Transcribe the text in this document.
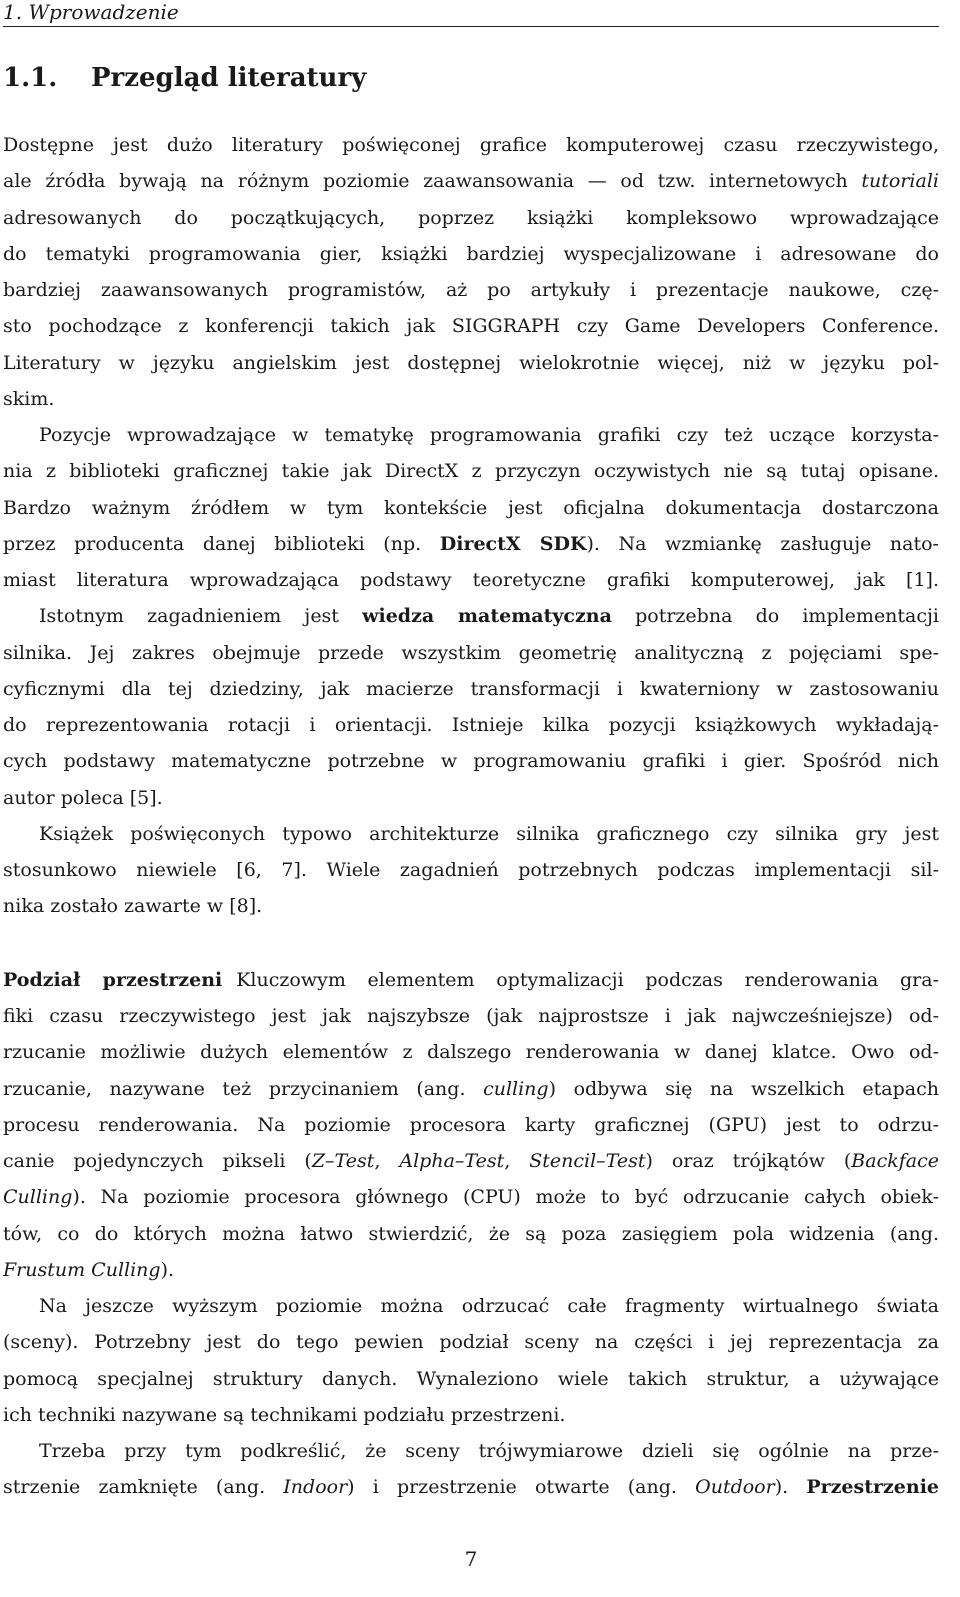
1. Wprowadzenie
1.1. Przegląd literatury
Dostępne jest dużo literatury poświęconej grafice komputerowej czasu rzeczywistego,
ale źródła bywają na różnym poziomie zaawansowania — od tzw. internetowych tutoriali
adresowanych do początkujących, poprzez książki kompleksowo wprowadzające
do tematyki programowania gier, książki bardziej wyspecjalizowane i adresowane do
bardziej zaawansowanych programistów, aż po artykuły i prezentacje naukowe, czę-
sto pochodzące z konferencji takich jak SIGGRAPH czy Game Developers Conference.
Literatury w języku angielskim jest dostępnej wielokrotnie więcej, niż w języku pol-
skim.
Pozycje wprowadzające w tematykę programowania grafiki czy też uczące korzysta-
nia z biblioteki graficznej takie jak DirectX z przyczyn oczywistych nie są tutaj opisane.
Bardzo ważnym źródłem w tym kontekście jest oficjalna dokumentacja dostarczona
przez producenta danej biblioteki (np. DirectX SDK). Na wzmiankę zasługuje nato-
miast literatura wprowadzająca podstawy teoretyczne grafiki komputerowej, jak [1].
Istotnym zagadnieniem jest wiedza matematyczna potrzebna do implementacji
silnika. Jej zakres obejmuje przede wszystkim geometrię analityczną z pojęciami spe-
cyficznymi dla tej dziedziny, jak macierze transformacji i kwaterniony w zastosowaniu
do reprezentowania rotacji i orientacji. Istnieje kilka pozycji książkowych wykładają-
cych podstawy matematyczne potrzebne w programowaniu grafiki i gier. Spośród nich
autor poleca [5].
Książek poświęconych typowo architekturze silnika graficznego czy silnika gry jest
stosunkowo niewiele [6, 7]. Wiele zagadnień potrzebnych podczas implementacji sil-
nika zostało zawarte w [8].
Podział przestrzeni Kluczowym elementem optymalizacji podczas renderowania gra-
fiki czasu rzeczywistego jest jak najszybsze (jak najprostsze i jak najwcześniejsze) od-
rzucanie możliwie dużych elementów z dalszego renderowania w danej klatce. Owo od-
rzucanie, nazywane też przycinaniem (ang. culling) odbywa się na wszelkich etapach
procesu renderowania. Na poziomie procesora karty graficznej (GPU) jest to odrzu-
canie pojedynczych pikseli (Z–Test, Alpha–Test, Stencil–Test) oraz trójkątów (Backface
Culling). Na poziomie procesora głównego (CPU) może to być odrzucanie całych obiek-
tów, co do których można łatwo stwierdzić, że są poza zasięgiem pola widzenia (ang.
Frustum Culling).
Na jeszcze wyższym poziomie można odrzucać całe fragmenty wirtualnego świata
(sceny). Potrzebny jest do tego pewien podział sceny na części i jej reprezentacja za
pomocą specjalnej struktury danych. Wynaleziono wiele takich struktur, a używające
ich techniki nazywane są technikami podziału przestrzeni.
Trzeba przy tym podkreślić, że sceny trójwymiarowe dzieli się ogólnie na prze-
strzenie zamknięte (ang. Indoor) i przestrzenie otwarte (ang. Outdoor). Przestrzenie
7
